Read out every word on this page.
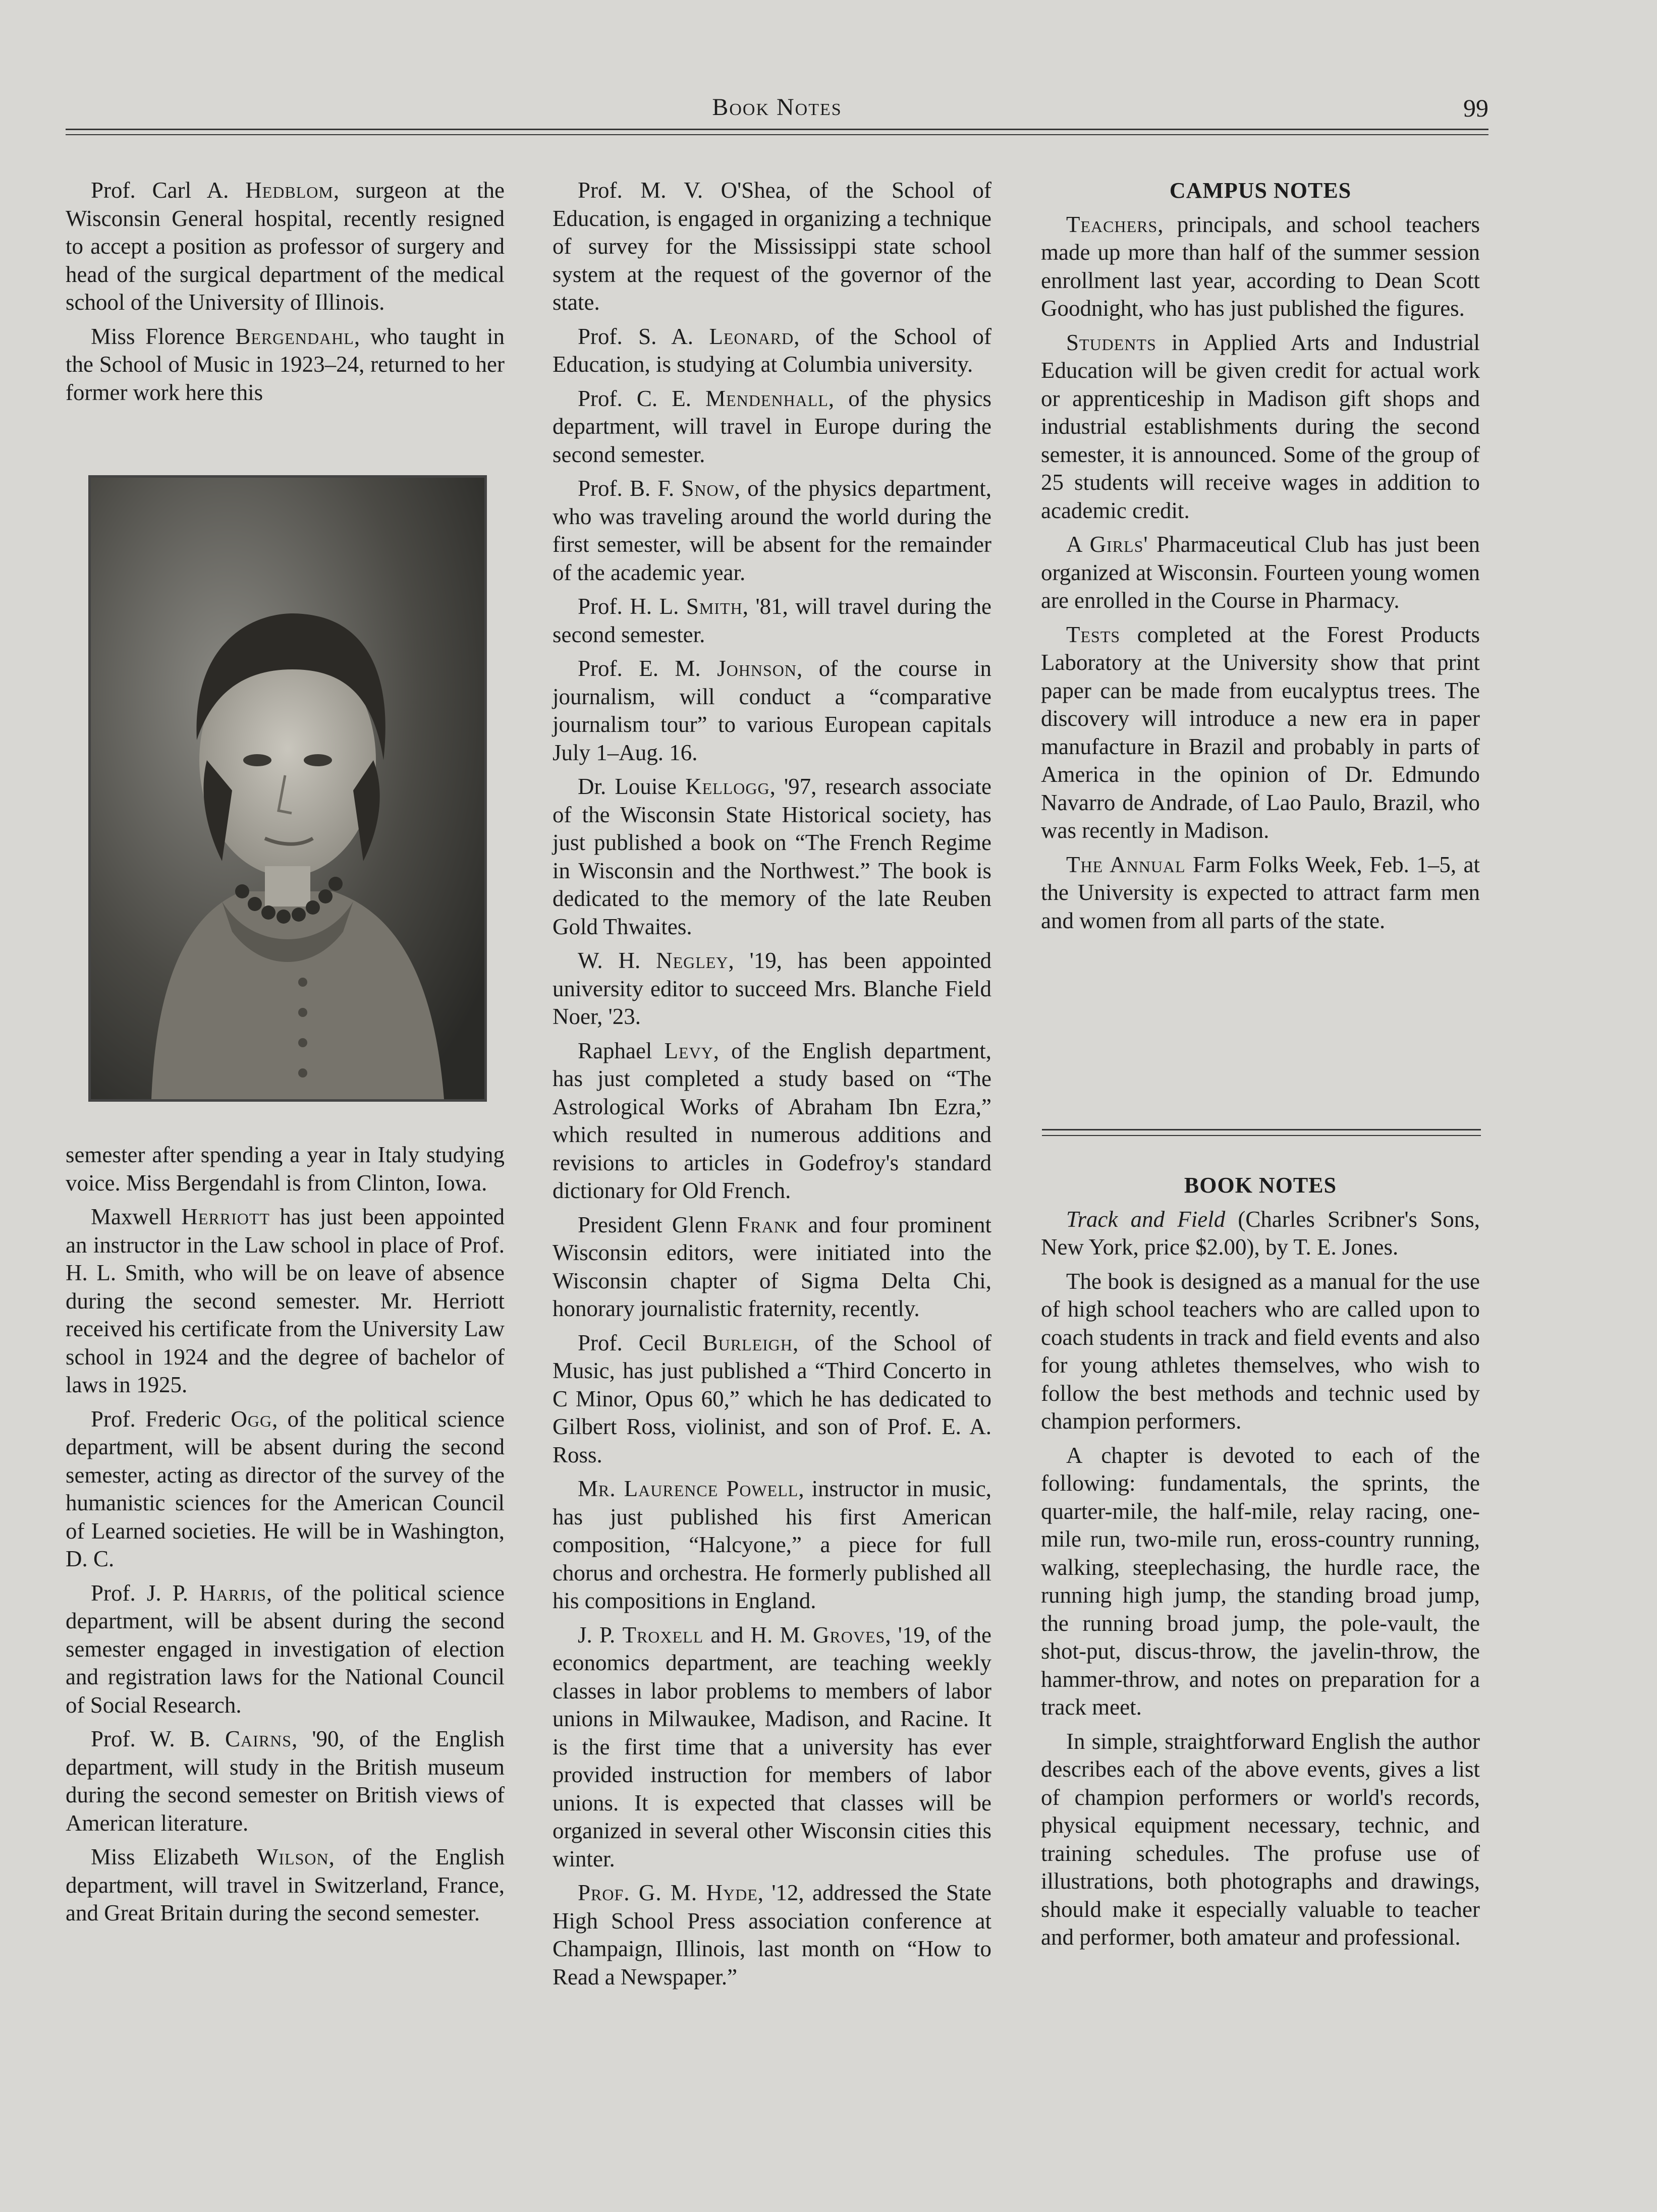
Book Notes	99

Prof. Carl A. Hedblom, surgeon at the Wisconsin General hospital, recently resigned to accept a position as professor of surgery and head of the surgical department of the medical school of the University of Illinois.

Miss Florence Bergendahl, who taught in the School of Music in 1923–24, returned to her former work here this

semester after spending a year in Italy studying voice. Miss Bergendahl is from Clinton, Iowa.

Maxwell Herriott has just been appointed an instructor in the Law school in place of Prof. H. L. Smith, who will be on leave of absence during the second semester. Mr. Herriott received his certificate from the University Law school in 1924 and the degree of bachelor of laws in 1925.

Prof. Frederic Ogg, of the political science department, will be absent during the second semester, acting as director of the survey of the humanistic sciences for the American Council of Learned societies. He will be in Washington, D. C.

Prof. J. P. Harris, of the political science department, will be absent during the second semester engaged in investigation of election and registration laws for the National Council of Social Research.

Prof. W. B. Cairns, '90, of the English department, will study in the British museum during the second semester on British views of American literature.

Miss Elizabeth Wilson, of the English department, will travel in Switzerland, France, and Great Britain during the second semester.

Prof. M. V. O'Shea, of the School of Education, is engaged in organizing a technique of survey for the Mississippi state school system at the request of the governor of the state.

Prof. S. A. Leonard, of the School of Education, is studying at Columbia university.

Prof. C. E. Mendenhall, of the physics department, will travel in Europe during the second semester.

Prof. B. F. Snow, of the physics department, who was traveling around the world during the first semester, will be absent for the remainder of the academic year.

Prof. H. L. Smith, '81, will travel during the second semester.

Prof. E. M. Johnson, of the course in journalism, will conduct a “comparative journalism tour” to various European capitals July 1–Aug. 16.

Dr. Louise Kellogg, '97, research associate of the Wisconsin State Historical society, has just published a book on “The French Regime in Wisconsin and the Northwest.” The book is dedicated to the memory of the late Reuben Gold Thwaites.

W. H. Negley, '19, has been appointed university editor to succeed Mrs. Blanche Field Noer, '23.

Raphael Levy, of the English department, has just completed a study based on “The Astrological Works of Abraham Ibn Ezra,” which resulted in numerous additions and revisions to articles in Godefroy's standard dictionary for Old French.

President Glenn Frank and four prominent Wisconsin editors, were initiated into the Wisconsin chapter of Sigma Delta Chi, honorary journalistic fraternity, recently.

Prof. Cecil Burleigh, of the School of Music, has just published a “Third Concerto in C Minor, Opus 60,” which he has dedicated to Gilbert Ross, violinist, and son of Prof. E. A. Ross.

Mr. Laurence Powell, instructor in music, has just published his first American composition, “Halcyone,” a piece for full chorus and orchestra. He formerly published all his compositions in England.

J. P. Troxell and H. M. Groves, '19, of the economics department, are teaching weekly classes in labor problems to members of labor unions in Milwaukee, Madison, and Racine. It is the first time that a university has ever provided instruction for members of labor unions. It is expected that classes will be organized in several other Wisconsin cities this winter.

Prof. G. M. Hyde, '12, addressed the State High School Press association conference at Champaign, Illinois, last month on “How to Read a Newspaper.”

CAMPUS NOTES

Teachers, principals, and school teachers made up more than half of the summer session enrollment last year, according to Dean Scott Goodnight, who has just published the figures.

Students in Applied Arts and Industrial Education will be given credit for actual work or apprenticeship in Madison gift shops and industrial establishments during the second semester, it is announced. Some of the group of 25 students will receive wages in addition to academic credit.

A Girls' Pharmaceutical Club has just been organized at Wisconsin. Fourteen young women are enrolled in the Course in Pharmacy.

Tests completed at the Forest Products Laboratory at the University show that print paper can be made from eucalyptus trees. The discovery will introduce a new era in paper manufacture in Brazil and probably in parts of America in the opinion of Dr. Edmundo Navarro de Andrade, of Lao Paulo, Brazil, who was recently in Madison.

The Annual Farm Folks Week, Feb. 1–5, at the University is expected to attract farm men and women from all parts of the state.

BOOK NOTES

Track and Field (Charles Scribner's Sons, New York, price $2.00), by T. E. Jones.

The book is designed as a manual for the use of high school teachers who are called upon to coach students in track and field events and also for young athletes themselves, who wish to follow the best methods and technic used by champion performers.

A chapter is devoted to each of the following: fundamentals, the sprints, the quarter-mile, the half-mile, relay racing, one-mile run, two-mile run, eross-country running, walking, steeplechasing, the hurdle race, the running high jump, the standing broad jump, the running broad jump, the pole-vault, the shot-put, discus-throw, the javelin-throw, the hammer-throw, and notes on preparation for a track meet.

In simple, straightforward English the author describes each of the above events, gives a list of champion performers or world's records, physical equipment necessary, technic, and training schedules. The profuse use of illustrations, both photographs and drawings, should make it especially valuable to teacher and performer, both amateur and professional.
